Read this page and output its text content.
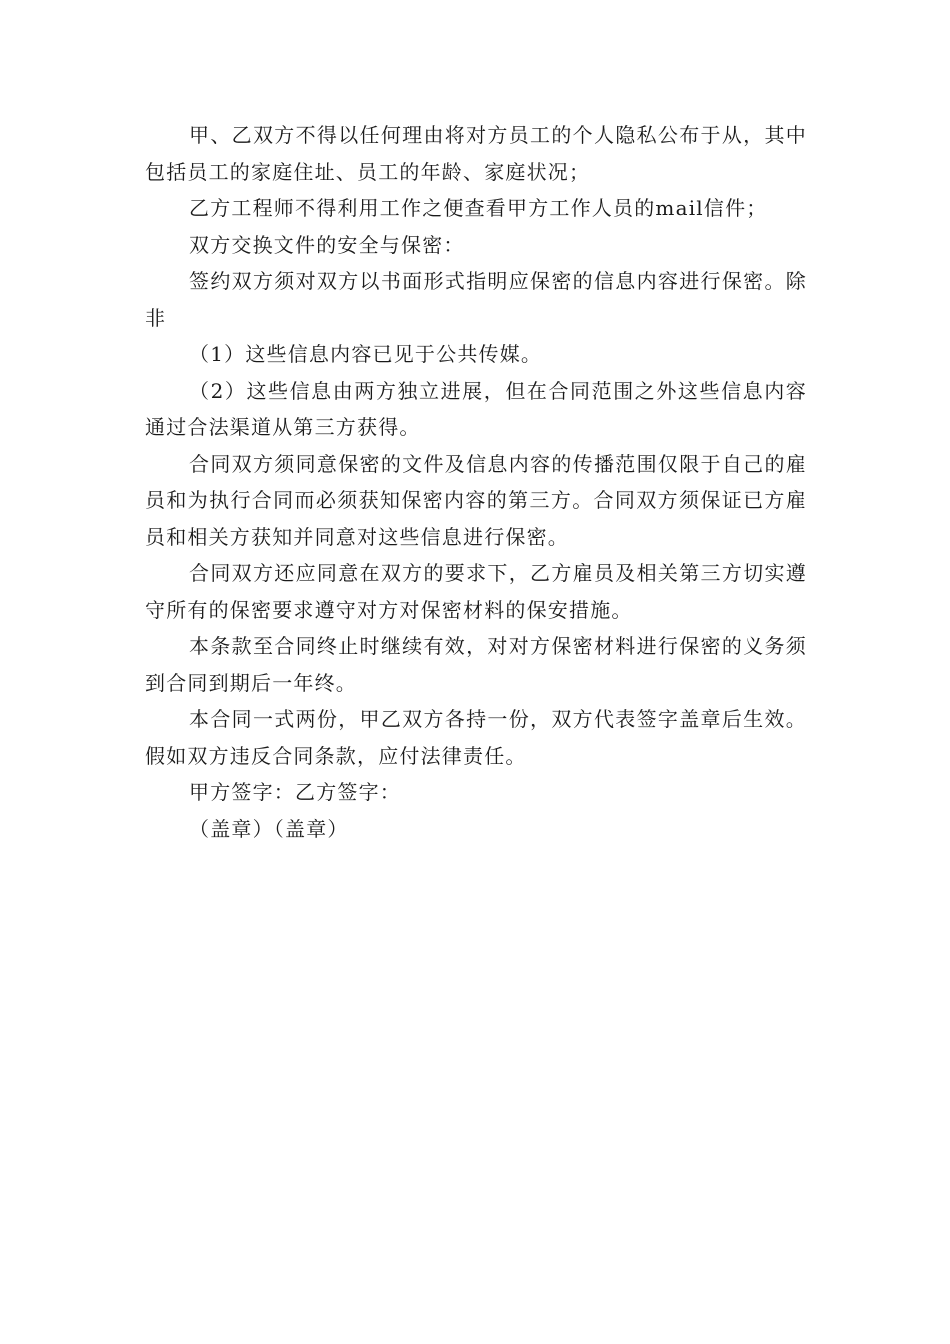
甲、乙双方不得以任何理由将对方员工的个人隐私公布于从，其中包括员工的家庭住址、员工的年龄、家庭状况；

乙方工程师不得利用工作之便查看甲方工作人员的mail信件；

双方交换文件的安全与保密：

签约双方须对双方以书面形式指明应保密的信息内容进行保密。除非

（1）这些信息内容已见于公共传媒。

（2）这些信息由两方独立进展，但在合同范围之外这些信息内容通过合法渠道从第三方获得。

合同双方须同意保密的文件及信息内容的传播范围仅限于自己的雇员和为执行合同而必须获知保密内容的第三方。合同双方须保证已方雇员和相关方获知并同意对这些信息进行保密。

合同双方还应同意在双方的要求下，乙方雇员及相关第三方切实遵守所有的保密要求遵守对方对保密材料的保安措施。

本条款至合同终止时继续有效，对对方保密材料进行保密的义务须到合同到期后一年终。

本合同一式两份，甲乙双方各持一份，双方代表签字盖章后生效。假如双方违反合同条款，应付法律责任。

甲方签字：乙方签字：

（盖章）（盖章）
